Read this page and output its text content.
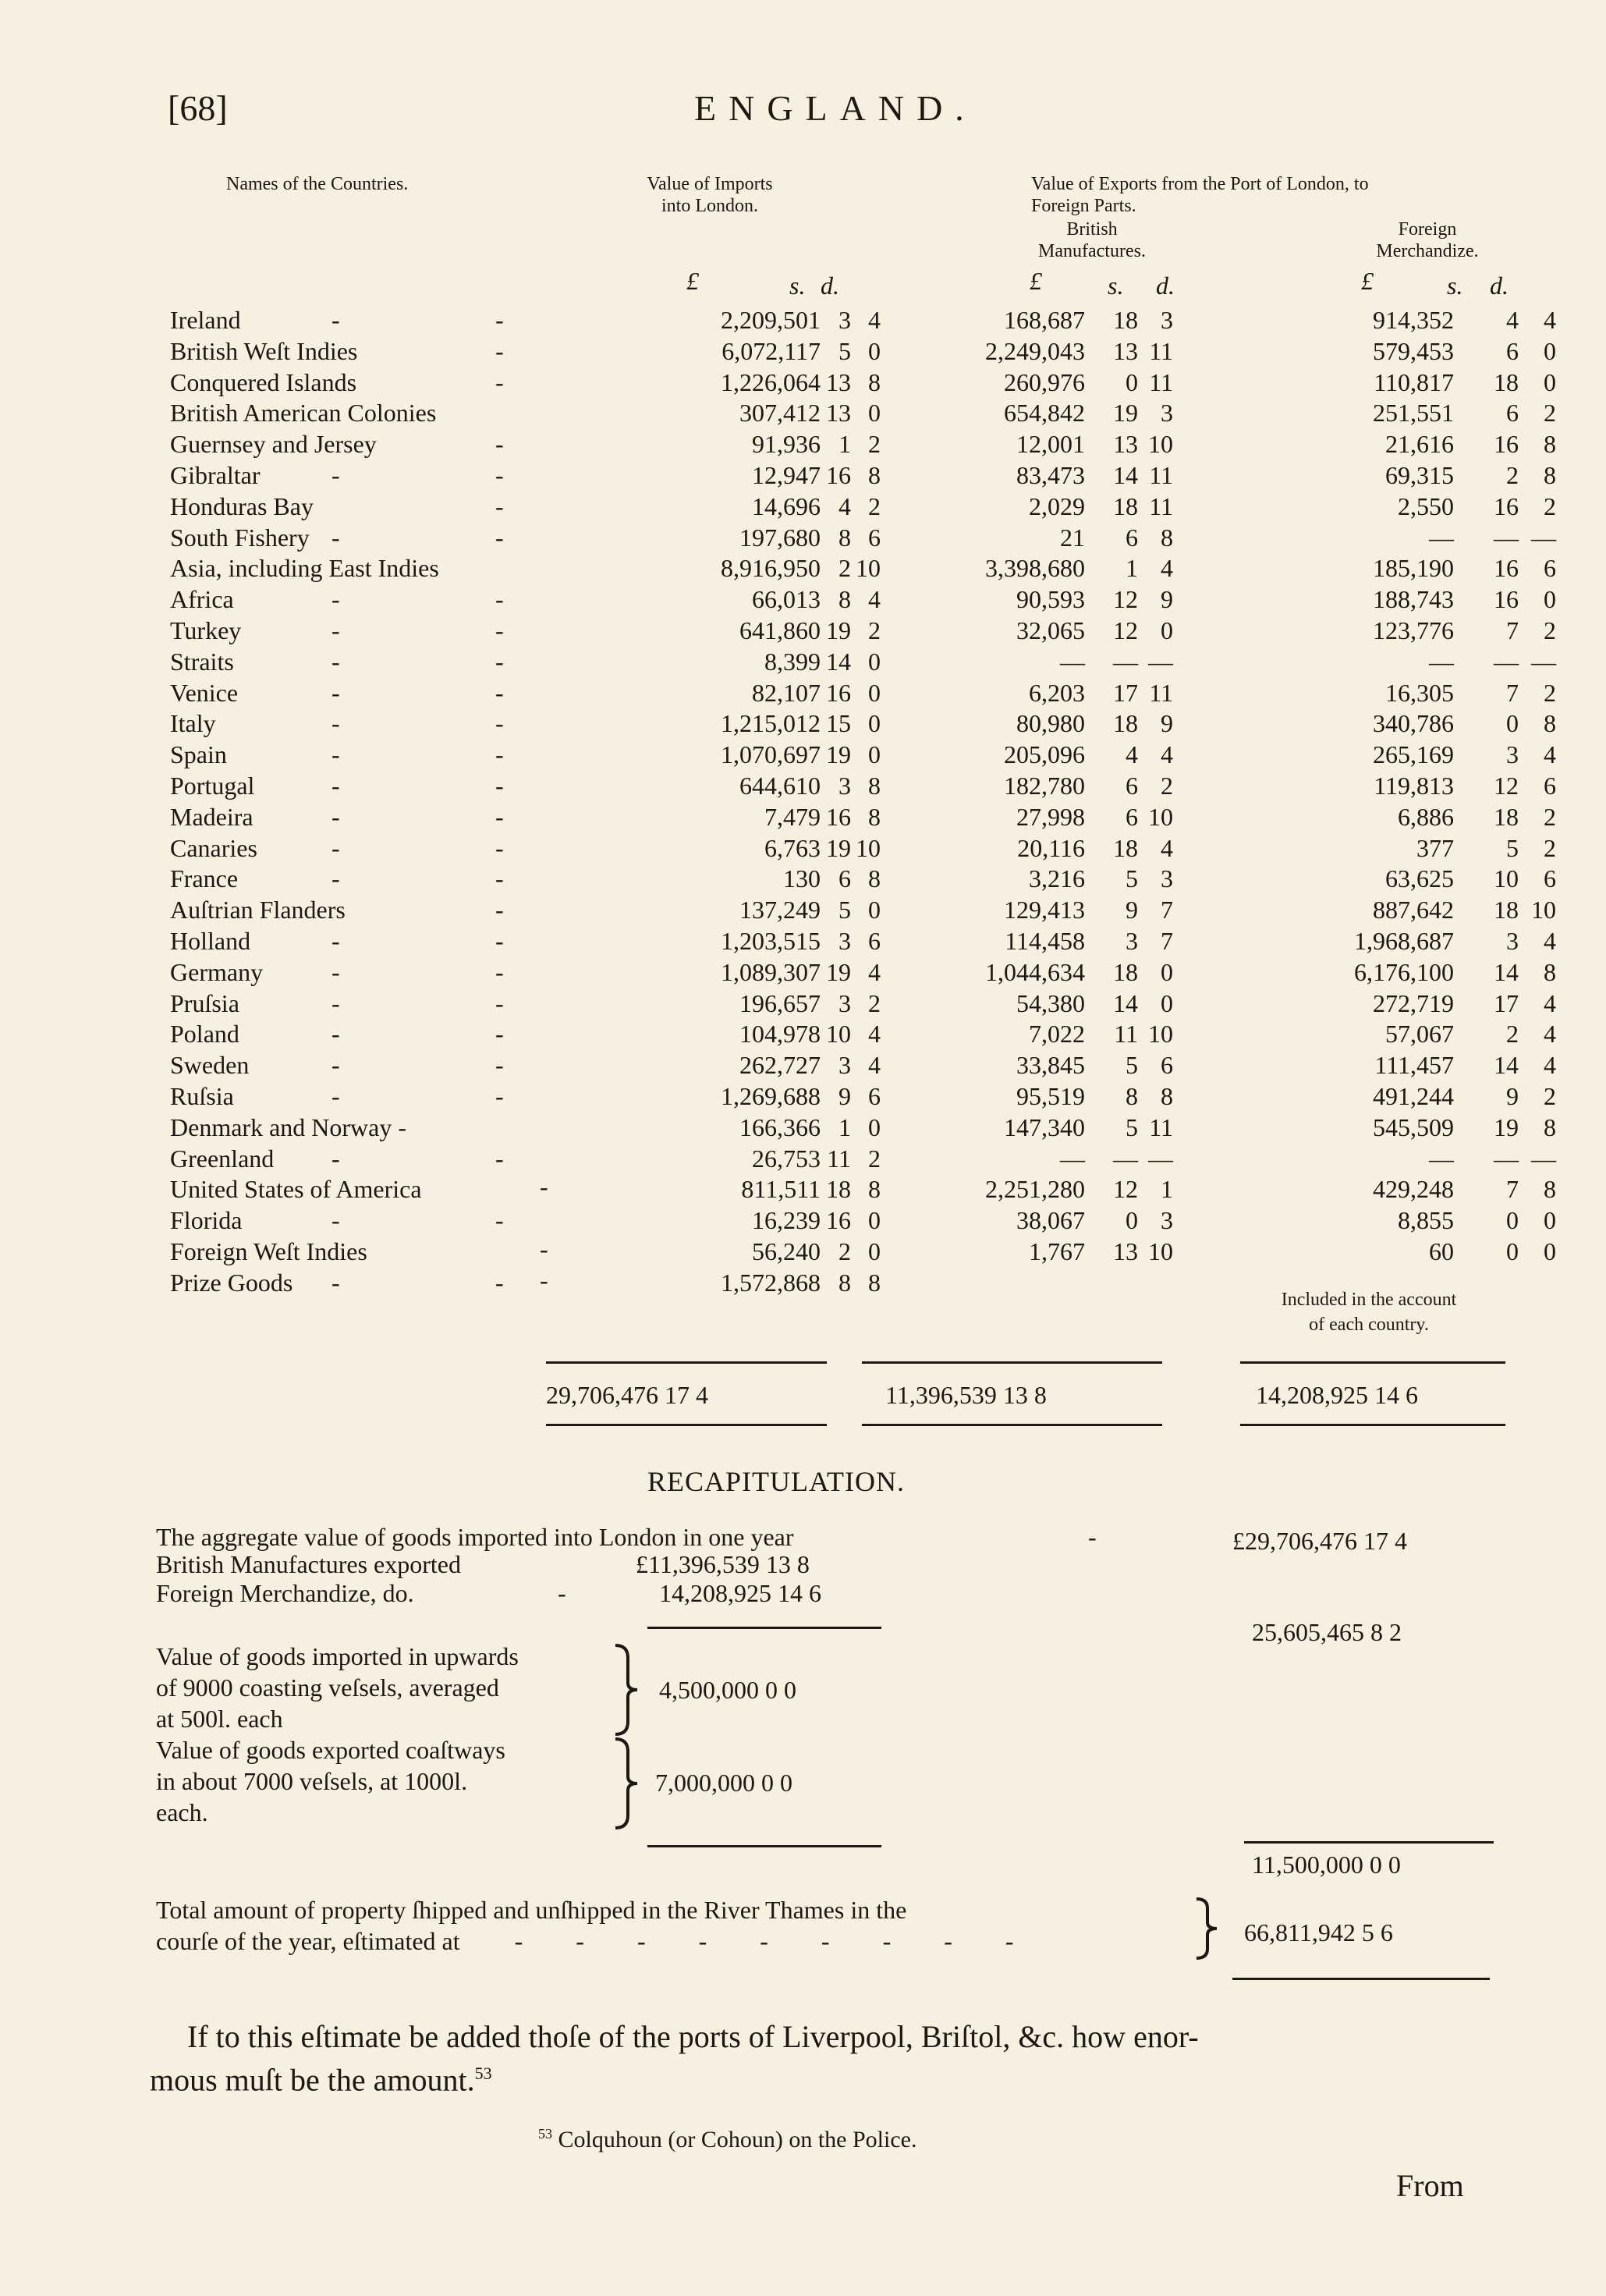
[68]	ENGLAND.
Names of the Countries.	Value of Imports
into London.
Value of Exports from the Port of London, to
Foreign Parts.
British
Manufactures.
Foreign
Merchandize.
£	s. d.	£	s. d.	£	s. d.
Ireland	-	-	2,209,501 3 4	168,687 18 3	914,352 4 4
British Weſt Indies	-	6,072,117 5 0	2,249,043 13 11	579,453 6 0
Conquered Islands	-	1,226,064 13 8	260,976 0 11	110,817 18 0
British American Colonies	307,412 13 0	654,842 19 3	251,551 6 2
Guernsey and Jersey	-	91,936 1 2	12,001 13 10	21,616 16 8
Gibraltar	-	-	12,947 16 8	83,473 14 11	69,315 2 8
Honduras Bay	-	14,696 4 2	2,029 18 11	2,550 16 2
South Fishery -	-	197,680 8 6	21 6 8	— — —
Asia, including East Indies	8,916,950 2 10	3,398,680 1 4	185,190 16 6
Africa	-	-	66,013 8 4	90,593 12 9	188,743 16 0
Turkey	-	-	641,860 19 2	32,065 12 0	123,776 7 2
Straits	-	-	8,399 14 0	— — —	— — —
Venice	-	-	82,107 16 0	6,203 17 11	16,305 7 2
Italy	-	-	1,215,012 15 0	80,980 18 9	340,786 0 8
Spain	-	-	1,070,697 19 0	205,096 4 4	265,169 3 4
Portugal	-	-	644,610 3 8	182,780 6 2	119,813 12 6
Madeira	-	-	7,479 16 8	27,998 6 10	6,886 18 2
Canaries	-	-	6,763 19 10	20,116 18 4	377 5 2
France	-	-	130 6 8	3,216 5 3	63,625 10 6
Auſtrian Flanders	-	137,249 5 0	129,413 9 7	887,642 18 10
Holland	-	-	1,203,515 3 6	114,458 3 7	1,968,687 3 4
Germany	-	-	1,089,307 19 4	1,044,634 18 0	6,176,100 14 8
Pruſsia	-	-	196,657 3 2	54,380 14 0	272,719 17 4
Poland	-	-	104,978 10 4	7,022 11 10	57,067 2 4
Sweden	-	-	262,727 3 4	33,845 5 6	111,457 14 4
Ruſsia	-	-	1,269,688 9 6	95,519 8 8	491,244 9 2
Denmark and Norway -	166,366 1 0	147,340 5 11	545,509 19 8
Greenland -	-	26,753 11 2	— — —	— — —
United States of America	811,511 18 8	2,251,280 12 1	429,248 7 8
Florida	-	-	16,239 16 0	38,067 0 3	8,855 0 0
Foreign Weſt Indies	56,240 2 0	1,767 13 10	60 0 0
Prize Goods -	-	1,572,868 8 8
-
-
-
Included in the account
of each country.
29,706,476 17 4	11,396,539 13 8	14,208,925 14 6
RECAPITULATION.
The aggregate value of goods imported into London in one year	-	£29,706,476 17 4
British Manufactures exported	£11,396,539 13 8
Foreign Merchandize, do.	-	14,208,925 14 6
25,605,465 8 2
Value of goods imported in upwards
of 9000 coasting veſsels, averaged
at 500l. each
4,500,000 0 0
Value of goods exported coaſtways
in about 7000 veſsels, at 1000l.
each.
7,000,000 0 0
11,500,000 0 0
Total amount of property ſhipped and unſhipped in the River Thames in the
courſe of the year, eſtimated at - - - - - - - - -	66,811,942 5 6
If to this eſtimate be added thoſe of the ports of Liverpool, Briſtol, &c. how enor-
mous muſt be the amount.$^{53}$
$^{53}$ Colquhoun (or Cohoun) on the Police.
From
